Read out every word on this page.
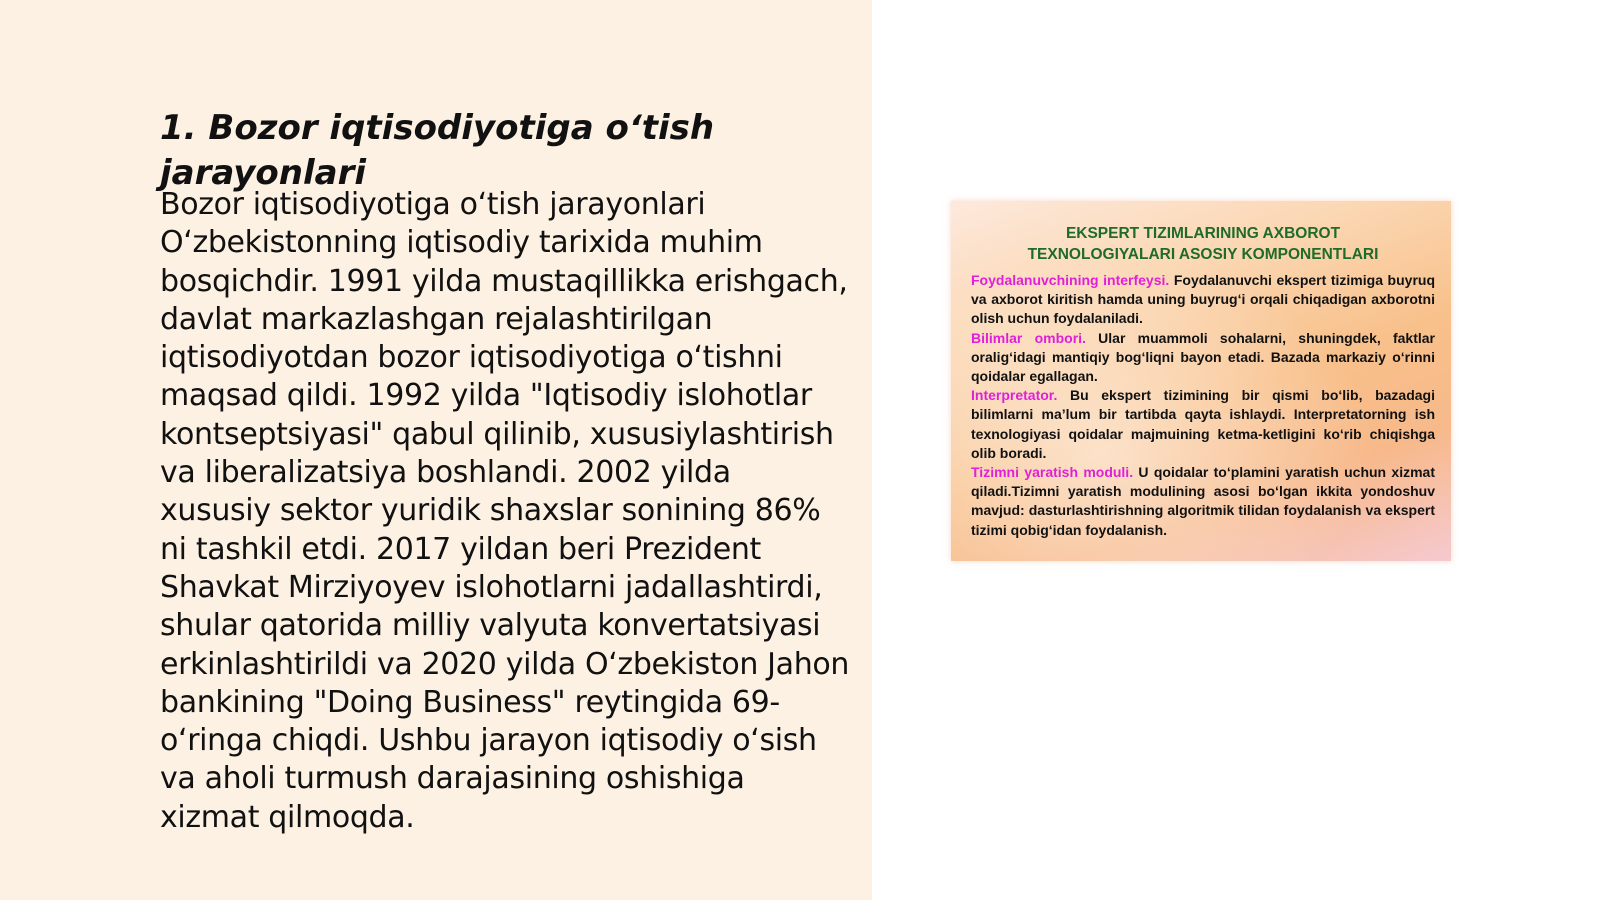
1. Bozor iqtisodiyotiga o‘tish jarayonlari

Bozor iqtisodiyotiga o‘tish jarayonlari O‘zbekistonning iqtisodiy tarixida muhim bosqichdir. 1991 yilda mustaqillikka erishgach, davlat markazlashgan rejalashtirilgan iqtisodiyotdan bozor iqtisodiyotiga o‘tishni maqsad qildi. 1992 yilda "Iqtisodiy islohotlar kontseptsiyasi" qabul qilinib, xususiylashtirish va liberalizatsiya boshlandi. 2002 yilda xususiy sektor yuridik shaxslar sonining 86% ni tashkil etdi. 2017 yildan beri Prezident Shavkat Mirziyoyev islohotlarni jadallashtirdi, shular qatorida milliy valyuta konvertatsiyasi erkinlashtirildi va 2020 yilda O‘zbekiston Jahon bankining "Doing Business" reytingida 69-o‘ringa chiqdi. Ushbu jarayon iqtisodiy o‘sish va aholi turmush darajasining oshishiga xizmat qilmoqda.

EKSPERT TIZIMLARINING AXBOROT
TEXNOLOGIYALARI ASOSIY KOMPONENTLARI

Foydalanuvchining interfeysi. Foydalanuvchi ekspert tizimiga buyruq va axborot kiritish hamda uning buyrug‘i orqali chiqadigan axborotni olish uchun foydalaniladi.

Bilimlar ombori. Ular muammoli sohalarni, shuningdek, faktlar oralig‘idagi mantiqiy bog‘liqni bayon etadi. Bazada markaziy o‘rinni qoidalar egallagan.

Interpretator. Bu ekspert tizimining bir qismi bo‘lib, bazadagi bilimlarni ma’lum bir tartibda qayta ishlaydi. Interpretatorning ish texnologiyasi qoidalar majmuining ketma-ketligini ko‘rib chiqishga olib boradi.

Tizimni yaratish moduli. U qoidalar to‘plamini yaratish uchun xizmat qiladi.Tizimni yaratish modulining asosi bo‘lgan ikkita yondoshuv mavjud: dasturlashtirishning algoritmik tilidan foydalanish va ekspert tizimi qobig‘idan foydalanish.
